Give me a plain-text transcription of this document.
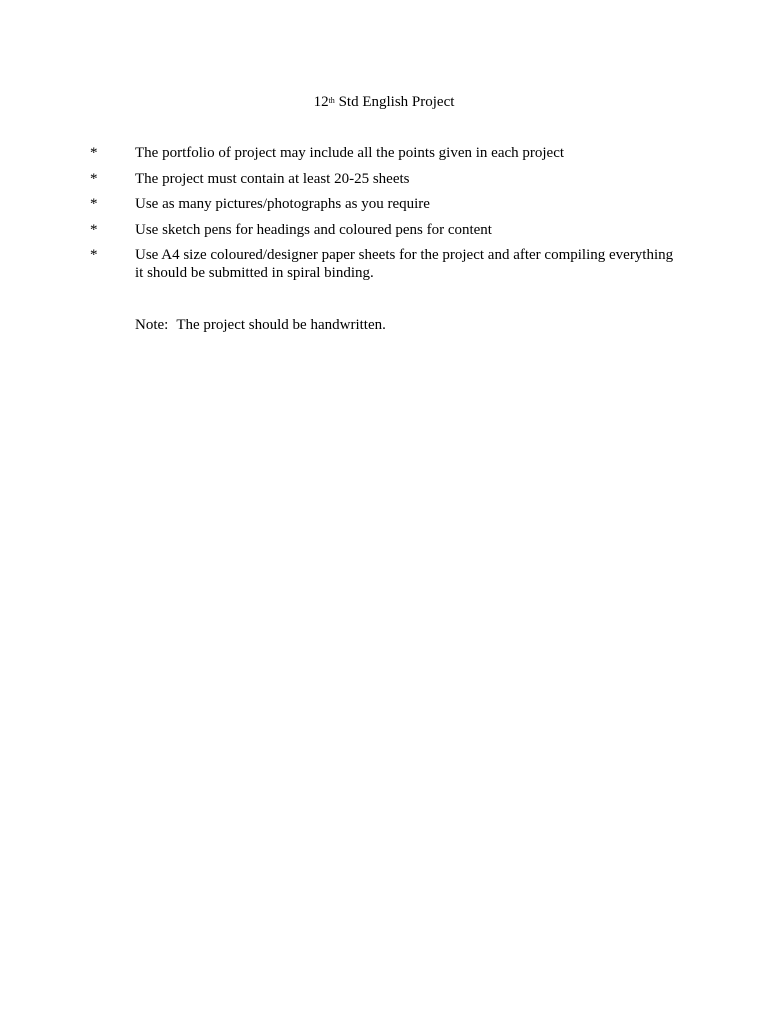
12th Std English Project
*	The portfolio of project may include all the points given in each project
*	The project must contain at least 20-25 sheets
*	Use as many pictures/photographs as you require
*	Use sketch pens for headings and coloured pens for content
*	Use A4 size coloured/designer paper sheets for the project and after compiling everything it should be submitted in spiral binding.
Note: The project should be handwritten.
